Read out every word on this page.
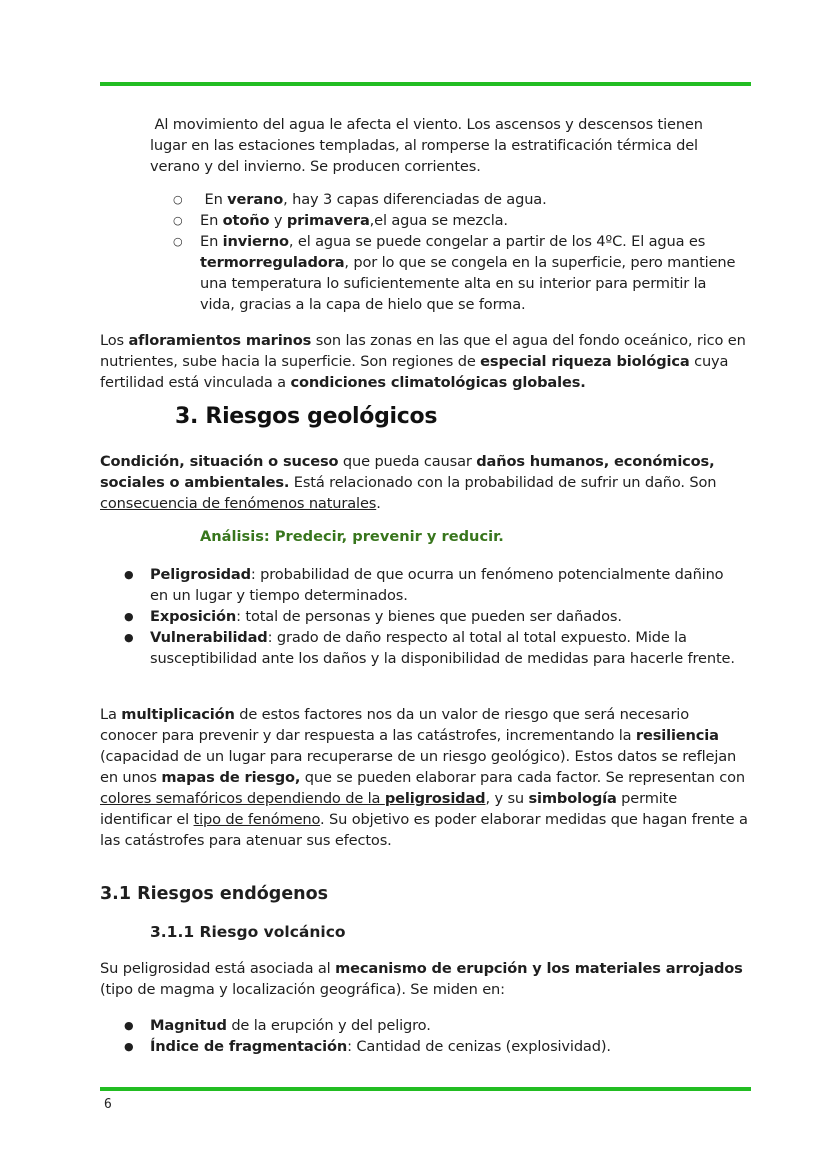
Al movimiento del agua le afecta el viento. Los ascensos y descensos tienen lugar en las estaciones templadas, al romperse la estratificación térmica del verano y del invierno. Se producen corrientes.
○ En verano, hay 3 capas diferenciadas de agua.
○ En otoño y primavera,el agua se mezcla.
○ En invierno, el agua se puede congelar a partir de los 4ºC. El agua es termorreguladora, por lo que se congela en la superficie, pero mantiene una temperatura lo suficientemente alta en su interior para permitir la vida, gracias a la capa de hielo que se forma.
Los afloramientos marinos son las zonas en las que el agua del fondo oceánico, rico en nutrientes, sube hacia la superficie. Son regiones de especial riqueza biológica cuya fertilidad está vinculada a condiciones climatológicas globales.
3. Riesgos geológicos
Condición, situación o suceso que pueda causar daños humanos, económicos, sociales o ambientales. Está relacionado con la probabilidad de sufrir un daño. Son consecuencia de fenómenos naturales.
Análisis: Predecir, prevenir y reducir.
● Peligrosidad: probabilidad de que ocurra un fenómeno potencialmente dañino en un lugar y tiempo determinados.
● Exposición: total de personas y bienes que pueden ser dañados.
● Vulnerabilidad: grado de daño respecto al total al total expuesto. Mide la susceptibilidad ante los daños y la disponibilidad de medidas para hacerle frente.
La multiplicación de estos factores nos da un valor de riesgo que será necesario conocer para prevenir y dar respuesta a las catástrofes, incrementando la resiliencia (capacidad de un lugar para recuperarse de un riesgo geológico). Estos datos se reflejan en unos mapas de riesgo, que se pueden elaborar para cada factor. Se representan con colores semafóricos dependiendo de la peligrosidad, y su simbología permite identificar el tipo de fenómeno. Su objetivo es poder elaborar medidas que hagan frente a las catástrofes para atenuar sus efectos.
3.1 Riesgos endógenos
3.1.1 Riesgo volcánico
Su peligrosidad está asociada al mecanismo de erupción y los materiales arrojados (tipo de magma y localización geográfica). Se miden en:
● Magnitud de la erupción y del peligro.
● Índice de fragmentación: Cantidad de cenizas (explosividad).
6
